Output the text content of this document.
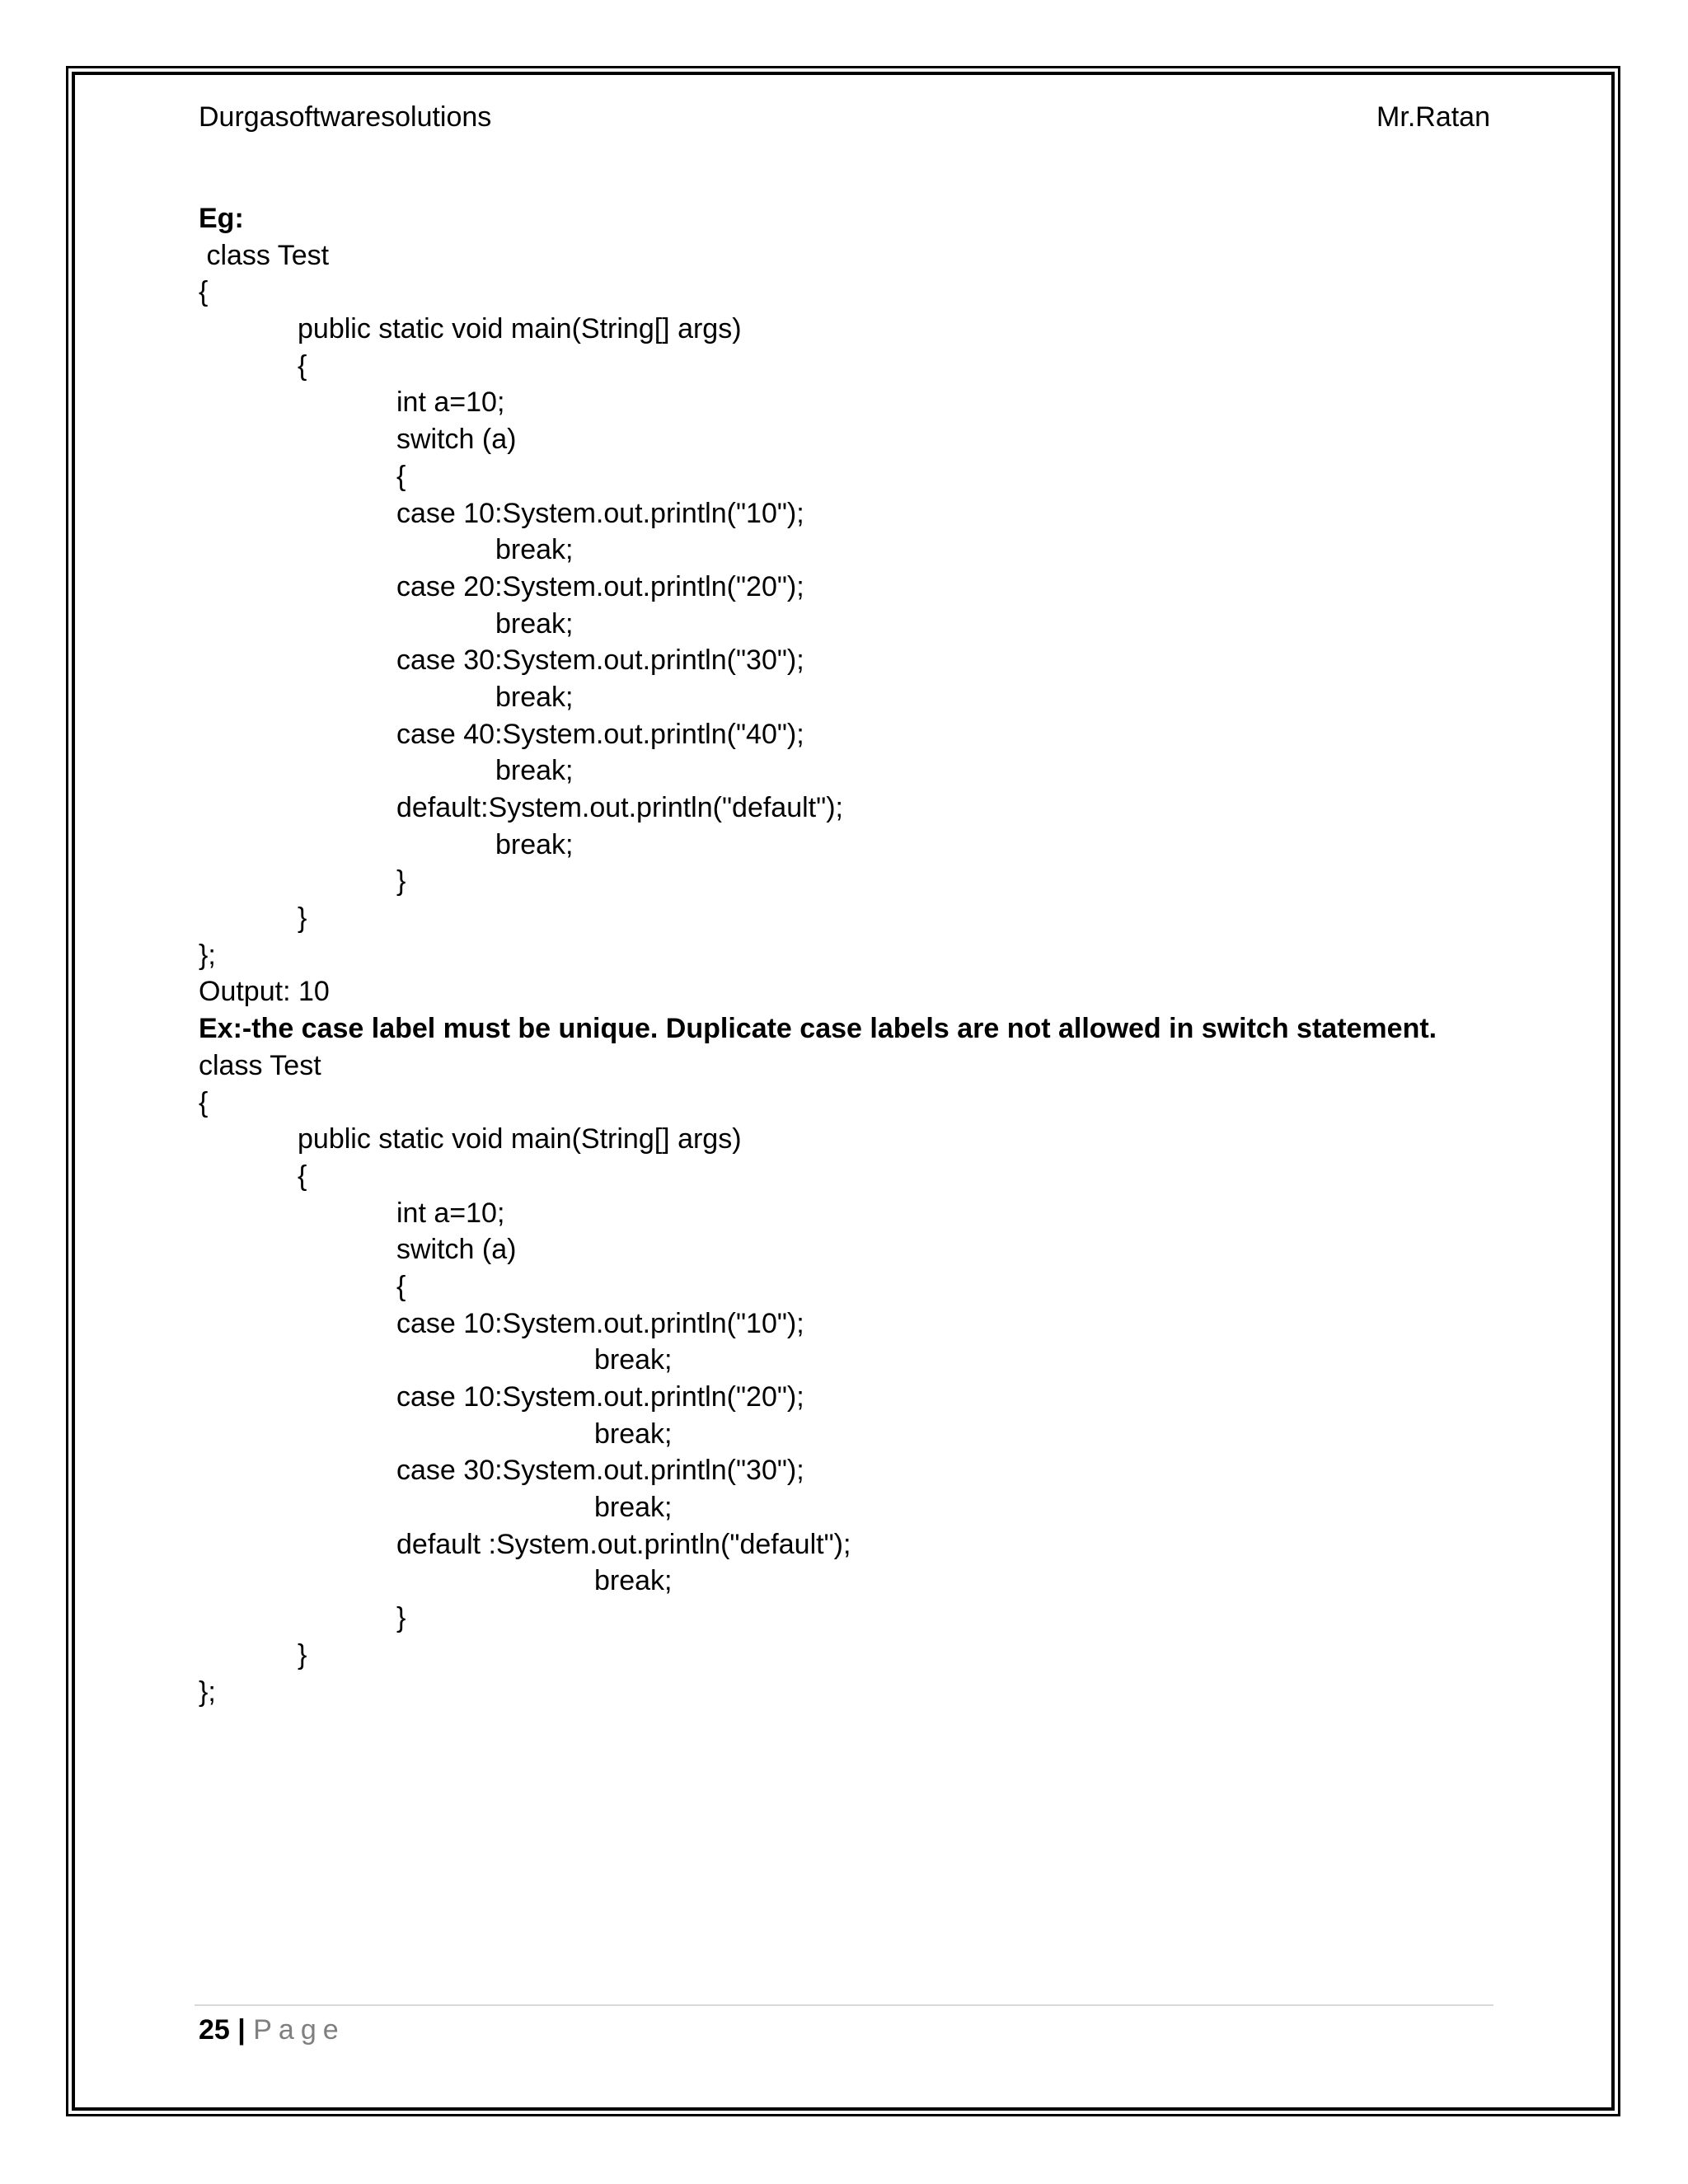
Durgasoftwaresolutions	Mr.Ratan
Eg:
class Test
{
public static void main(String[] args)
{
int a=10;
switch (a)
{
case 10:System.out.println("10");
break;
case 20:System.out.println("20");
break;
case 30:System.out.println("30");
break;
case 40:System.out.println("40");
break;
default:System.out.println("default");
break;
}
}
};
Output: 10
Ex:-the case label must be unique. Duplicate case labels are not allowed in switch statement.
class Test
{
public static void main(String[] args)
{
int a=10;
switch (a)
{
case 10:System.out.println("10");
break;
case 10:System.out.println("20");
break;
case 30:System.out.println("30");
break;
default :System.out.println("default");
break;
}
}
};
25 | Page
